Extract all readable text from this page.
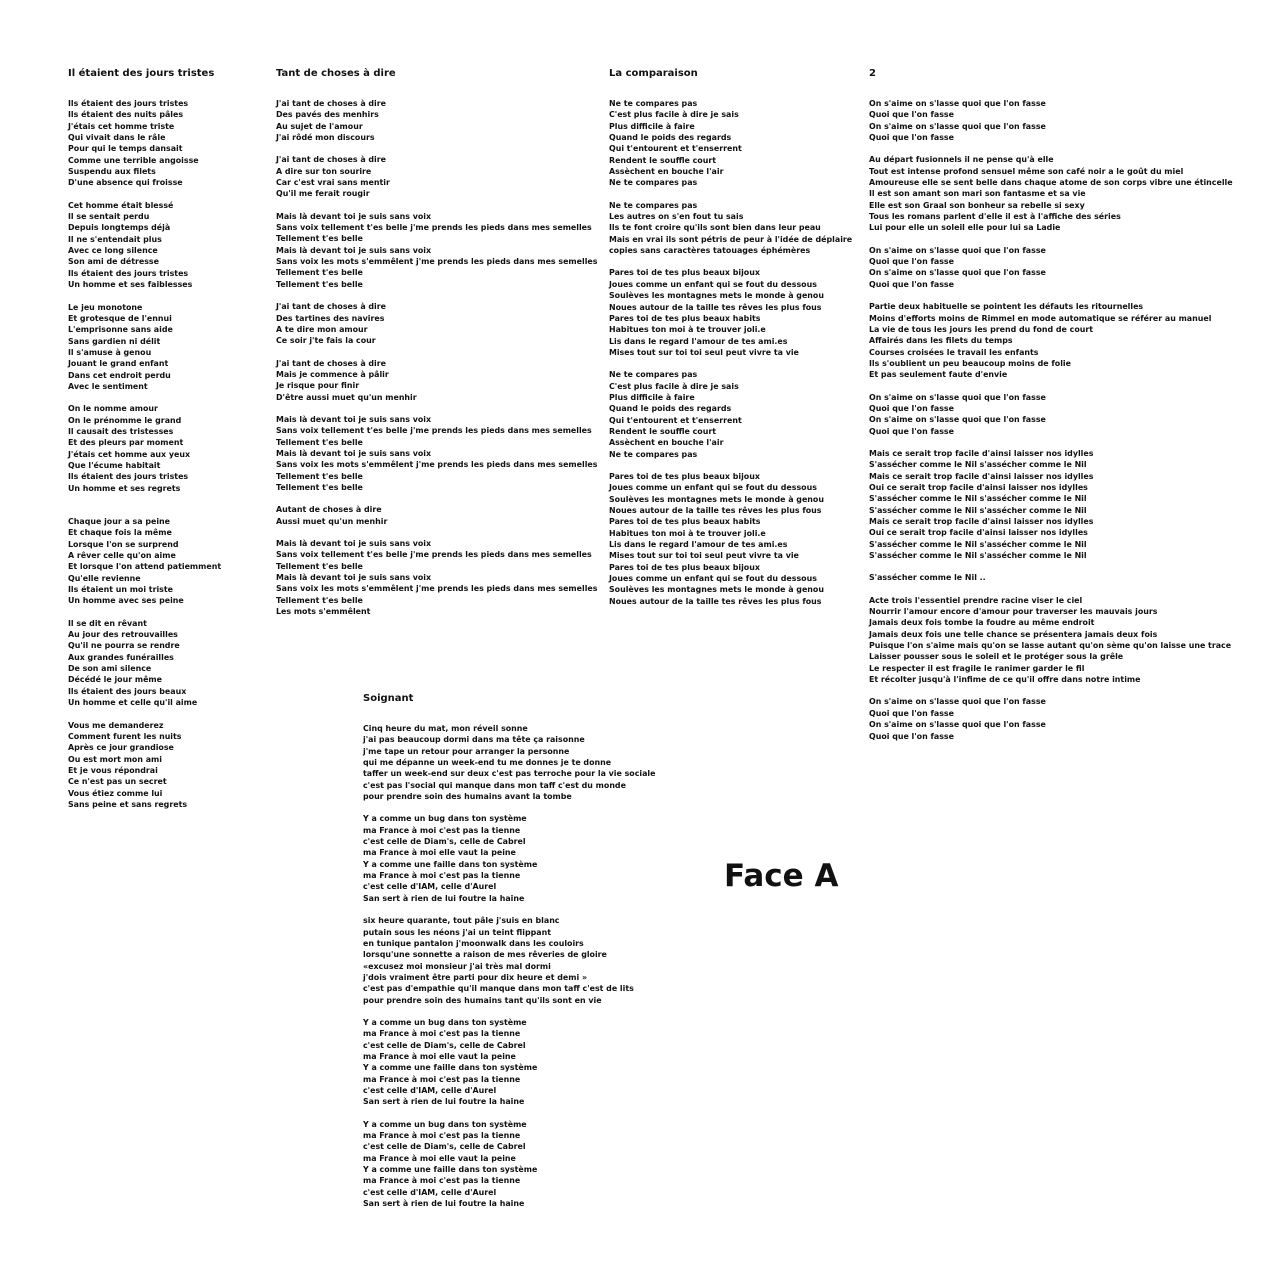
Il étaient des jours tristes
Ils étaient des jours tristes
Ils étaient des nuits pâles
J'étais cet homme triste
Qui vivait dans le râle
Pour qui le temps dansait
Comme une terrible angoisse
Suspendu aux filets
D'une absence qui froisse
Cet homme était blessé
Il se sentait perdu
Depuis longtemps déjà
Il ne s'entendait plus
Avec ce long silence
Son ami de détresse
Ils étaient des jours tristes
Un homme et ses faiblesses
Le jeu monotone
Et grotesque de l'ennui
L'emprisonne sans aide
Sans gardien ni délit
Il s'amuse à genou
Jouant le grand enfant
Dans cet endroit perdu
Avec le sentiment
On le nomme amour
On le prénomme le grand
Il causait des tristesses
Et des pleurs par moment
J'étais cet homme aux yeux
Que l'écume habitait
Ils étaient des jours tristes
Un homme et ses regrets
Chaque jour a sa peine
Et chaque fois la même
Lorsque l'on se surprend
A rêver celle qu'on aime
Et lorsque l'on attend patiemment
Qu'elle revienne
Ils étaient un moi triste
Un homme avec ses peine
Il se dit en rêvant
Au jour des retrouvailles
Qu'il ne pourra se rendre
Aux grandes funérailles
De son ami silence
Décédé le jour même
Ils étaient des jours beaux
Un homme et celle qu'il aime
Vous me demanderez
Comment furent les nuits
Après ce jour grandiose
Ou est mort mon ami
Et je vous répondrai
Ce n'est pas un secret
Vous étiez comme lui
Sans peine et sans regrets
Tant de choses à dire
J'ai tant de choses à dire
Des pavés des menhirs
Au sujet de l'amour
J'ai rôdé mon discours
J'ai tant de choses à dire
A dire sur ton sourire
Car c'est vrai sans mentir
Qu'il me ferait rougir
Mais là devant toi je suis sans voix
Sans voix tellement t'es belle j'me prends les pieds dans mes semelles
Tellement t'es belle
Mais là devant toi je suis sans voix
Sans voix les mots s'emmêlent j'me prends les pieds dans mes semelles
Tellement t'es belle
Tellement t'es belle
J'ai tant de choses à dire
Des tartines des navires
A te dire mon amour
Ce soir j'te fais la cour
J'ai tant de choses à dire
Mais je commence à pâlir
Je risque pour finir
D'être aussi muet qu'un menhir
Mais là devant toi je suis sans voix
Sans voix tellement t'es belle j'me prends les pieds dans mes semelles
Tellement t'es belle
Mais là devant toi je suis sans voix
Sans voix les mots s'emmêlent j'me prends les pieds dans mes semelles
Tellement t'es belle
Tellement t'es belle
Autant de choses à dire
Aussi muet qu'un menhir
Mais là devant toi je suis sans voix
Sans voix tellement t'es belle j'me prends les pieds dans mes semelles
Tellement t'es belle
Mais là devant toi je suis sans voix
Sans voix les mots s'emmêlent j'me prends les pieds dans mes semelles
Tellement t'es belle
Les mots s'emmêlent
La comparaison
Ne te compares pas
C'est plus facile à dire je sais
Plus difficile à faire
Quand le poids des regards
Qui t'entourent et t'enserrent
Rendent le souffle court
Assèchent en bouche l'air
Ne te compares pas
Ne te compares pas
Les autres on s'en fout tu sais
Ils te font croire qu'ils sont bien dans leur peau
Mais en vrai ils sont pétris de peur à l'idée de déplaire
copies sans caractères tatouages éphémères
Pares toi de tes plus beaux bijoux
Joues comme un enfant qui se fout du dessous
Soulèves les montagnes mets le monde à genou
Noues autour de la taille tes rêves les plus fous
Pares toi de tes plus beaux habits
Habitues ton moi à te trouver joli.e
Lis dans le regard l'amour de tes ami.es
Mises tout sur toi toi seul peut vivre ta vie
Ne te compares pas
C'est plus facile à dire je sais
Plus difficile à faire
Quand le poids des regards
Qui t'entourent et t'enserrent
Rendent le souffle court
Assèchent en bouche l'air
Ne te compares pas
Pares toi de tes plus beaux bijoux
Joues comme un enfant qui se fout du dessous
Soulèves les montagnes mets le monde à genou
Noues autour de la taille tes rêves les plus fous
Pares toi de tes plus beaux habits
Habitues ton moi à te trouver joli.e
Lis dans le regard l'amour de tes ami.es
Mises tout sur toi toi seul peut vivre ta vie
Pares toi de tes plus beaux bijoux
Joues comme un enfant qui se fout du dessous
Soulèves les montagnes mets le monde à genou
Noues autour de la taille tes rêves les plus fous
2
On s'aime on s'lasse quoi que l'on fasse
Quoi que l'on fasse
On s'aime on s'lasse quoi que l'on fasse
Quoi que l'on fasse
Au départ fusionnels il ne pense qu'à elle
Tout est intense profond sensuel même son café noir a le goût du miel
Amoureuse elle se sent belle dans chaque atome de son corps vibre une étincelle
Il est son amant son mari son fantasme et sa vie
Elle est son Graal son bonheur sa rebelle si sexy
Tous les romans parlent d'elle il est à l'affiche des séries
Lui pour elle un soleil elle pour lui sa Ladie
On s'aime on s'lasse quoi que l'on fasse
Quoi que l'on fasse
On s'aime on s'lasse quoi que l'on fasse
Quoi que l'on fasse
Partie deux habituelle se pointent les défauts les ritournelles
Moins d'efforts moins de Rimmel en mode automatique se référer au manuel
La vie de tous les jours les prend du fond de court
Affairés dans les filets du temps
Courses croisées le travail les enfants
Ils s'oublient un peu beaucoup moins de folie
Et pas seulement faute d'envie
On s'aime on s'lasse quoi que l'on fasse
Quoi que l'on fasse
On s'aime on s'lasse quoi que l'on fasse
Quoi que l'on fasse
Mais ce serait trop facile d'ainsi laisser nos idylles
S'assécher comme le Nil s'assécher comme le Nil
Mais ce serait trop facile d'ainsi laisser nos idylles
Oui ce serait trop facile d'ainsi laisser nos idylles
S'assécher comme le Nil s'assécher comme le Nil
S'assécher comme le Nil s'assécher comme le Nil
Mais ce serait trop facile d'ainsi laisser nos idylles
Oui ce serait trop facile d'ainsi laisser nos idylles
S'assécher comme le Nil s'assécher comme le Nil
S'assécher comme le Nil s'assécher comme le Nil
S'assécher comme le Nil ..
Acte trois l'essentiel prendre racine viser le ciel
Nourrir l'amour encore d'amour pour traverser les mauvais jours
Jamais deux fois tombe la foudre au même endroit
Jamais deux fois une telle chance se présentera jamais deux fois
Puisque l'on s'aime mais qu'on se lasse autant qu'on sème qu'on laisse une trace
Laisser pousser sous le soleil et le protéger sous la grêle
Le respecter il est fragile le ranimer garder le fil
Et récolter jusqu'à l'infime de ce qu'il offre dans notre intime
On s'aime on s'lasse quoi que l'on fasse
Quoi que l'on fasse
On s'aime on s'lasse quoi que l'on fasse
Quoi que l'on fasse
Soignant
Cinq heure du mat, mon réveil sonne
j'ai pas beaucoup dormi dans ma tête ça raisonne
j'me tape un retour pour arranger la personne
qui me dépanne un week-end tu me donnes je te donne
taffer un week-end sur deux c'est pas terroche pour la vie sociale
c'est pas l'social qui manque dans mon taff c'est du monde
pour prendre soin des humains avant la tombe
Y a comme un bug dans ton système
ma France à moi c'est pas la tienne
c'est celle de Diam's, celle de Cabrel
ma France à moi elle vaut la peine
Y a comme une faille dans ton système
ma France à moi c'est pas la tienne
c'est celle d'IAM, celle d'Aurel
San sert à rien de lui foutre la haine
six heure quarante, tout pâle j'suis en blanc
putain sous les néons j'ai un teint flippant
en tunique pantalon j'moonwalk dans les couloirs
lorsqu'une sonnette a raison de mes rêveries de gloire
«excusez moi monsieur j'ai très mal dormi
j'dois vraiment être parti pour dix heure et demi »
c'est pas d'empathie qu'il manque dans mon taff c'est de lits
pour prendre soin des humains tant qu'ils sont en vie
Y a comme un bug dans ton système
ma France à moi c'est pas la tienne
c'est celle de Diam's, celle de Cabrel
ma France à moi elle vaut la peine
Y a comme une faille dans ton système
ma France à moi c'est pas la tienne
c'est celle d'IAM, celle d'Aurel
San sert à rien de lui foutre la haine
Y a comme un bug dans ton système
ma France à moi c'est pas la tienne
c'est celle de Diam's, celle de Cabrel
ma France à moi elle vaut la peine
Y a comme une faille dans ton système
ma France à moi c'est pas la tienne
c'est celle d'IAM, celle d'Aurel
San sert à rien de lui foutre la haine
Face A
